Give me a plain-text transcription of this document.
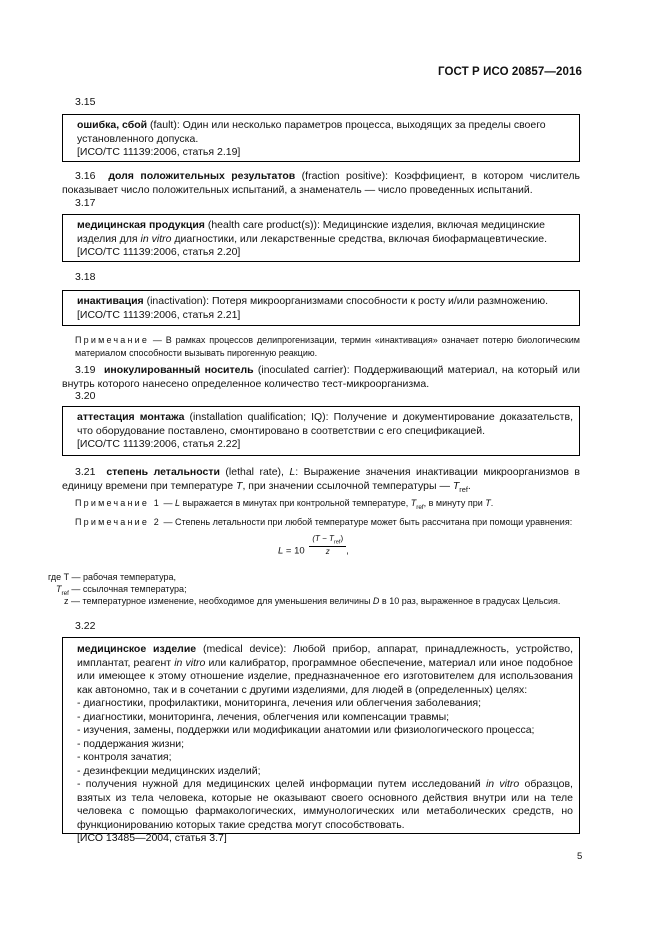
ГОСТ Р ИСО 20857—2016
3.15

ошибка, сбой (fault): Один или несколько параметров процесса, выходящих за пределы своего установленного допуска.

[ИСО/ТС 11139:2006, статья 2.19]

3.16 доля положительных результатов (fraction positive): Коэффициент, в котором числитель показывает число положительных испытаний, а знаменатель — число проведенных испытаний.
3.17

медицинская продукция (health care product(s)): Медицинские изделия, включая медицинские изделия для in vitro диагностики, или лекарственные средства, включая биофармацевтические.

[ИСО/ТС 11139:2006, статья 2.20]

3.18

инактивация (inactivation): Потеря микроорганизмами способности к росту и/или размножению.

[ИСО/ТС 11139:2006, статья 2.21]

Примечание — В рамках процессов делипрогенизации, термин «инактивация» означает потерю биологическим материалом способности вызывать пирогенную реакцию.
3.19 инокулированный носитель (inoculated carrier): Поддерживающий материал, на который или внутрь которого нанесено определенное количество тест-микроорганизма.
3.20

аттестация монтажа (installation qualification; IQ): Получение и документирование доказательств, что оборудование поставлено, смонтировано в соответствии с его спецификацией.

[ИСО/ТС 11139:2006, статья 2.22]

3.21 степень летальности (lethal rate), L: Выражение значения инактивации микроорганизмов в единицу времени при температуре T, при значении ссылочной температуры — $T_{ref}$.
Примечание 1 — L выражается в минутах при контрольной температуре, $T_{ref}$, в минуту при T.
Примечание 2 — Степень летальности при любой температуре может быть рассчитана при помощи уравнения:
$L = 10 \frac{(T - T_{ref})}{z}$ ,
где T — рабочая температура,
$T_{ref}$ — ссылочная температура;
z — температурное изменение, необходимое для уменьшения величины D в 10 раз, выраженное в градусах Цельсия.
3.22

медицинское изделие (medical device): Любой прибор, аппарат, принадлежность, устройство, имплантат, реагент in vitro или калибратор, программное обеспечение, материал или иное подобное или имеющее к этому отношение изделие, предназначенное его изготовителем для использования как автономно, так и в сочетании с другими изделиями, для людей в (определенных) целях:

- диагностики, профилактики, мониторинга, лечения или облегчения заболевания;

- диагностики, мониторинга, лечения, облегчения или компенсации травмы;

- изучения, замены, поддержки или модификации анатомии или физиологического процесса;

- поддержания жизни;

- контроля зачатия;

- дезинфекции медицинских изделий;

- получения нужной для медицинских целей информации путем исследований in vitro образцов, взятых из тела человека, которые не оказывают своего основного действия внутри или на теле человека с помощью фармакологических, иммунологических или метаболических средств, но функционированию которых такие средства могут способствовать.

[ИСО 13485—2004, статья 3.7]

5
